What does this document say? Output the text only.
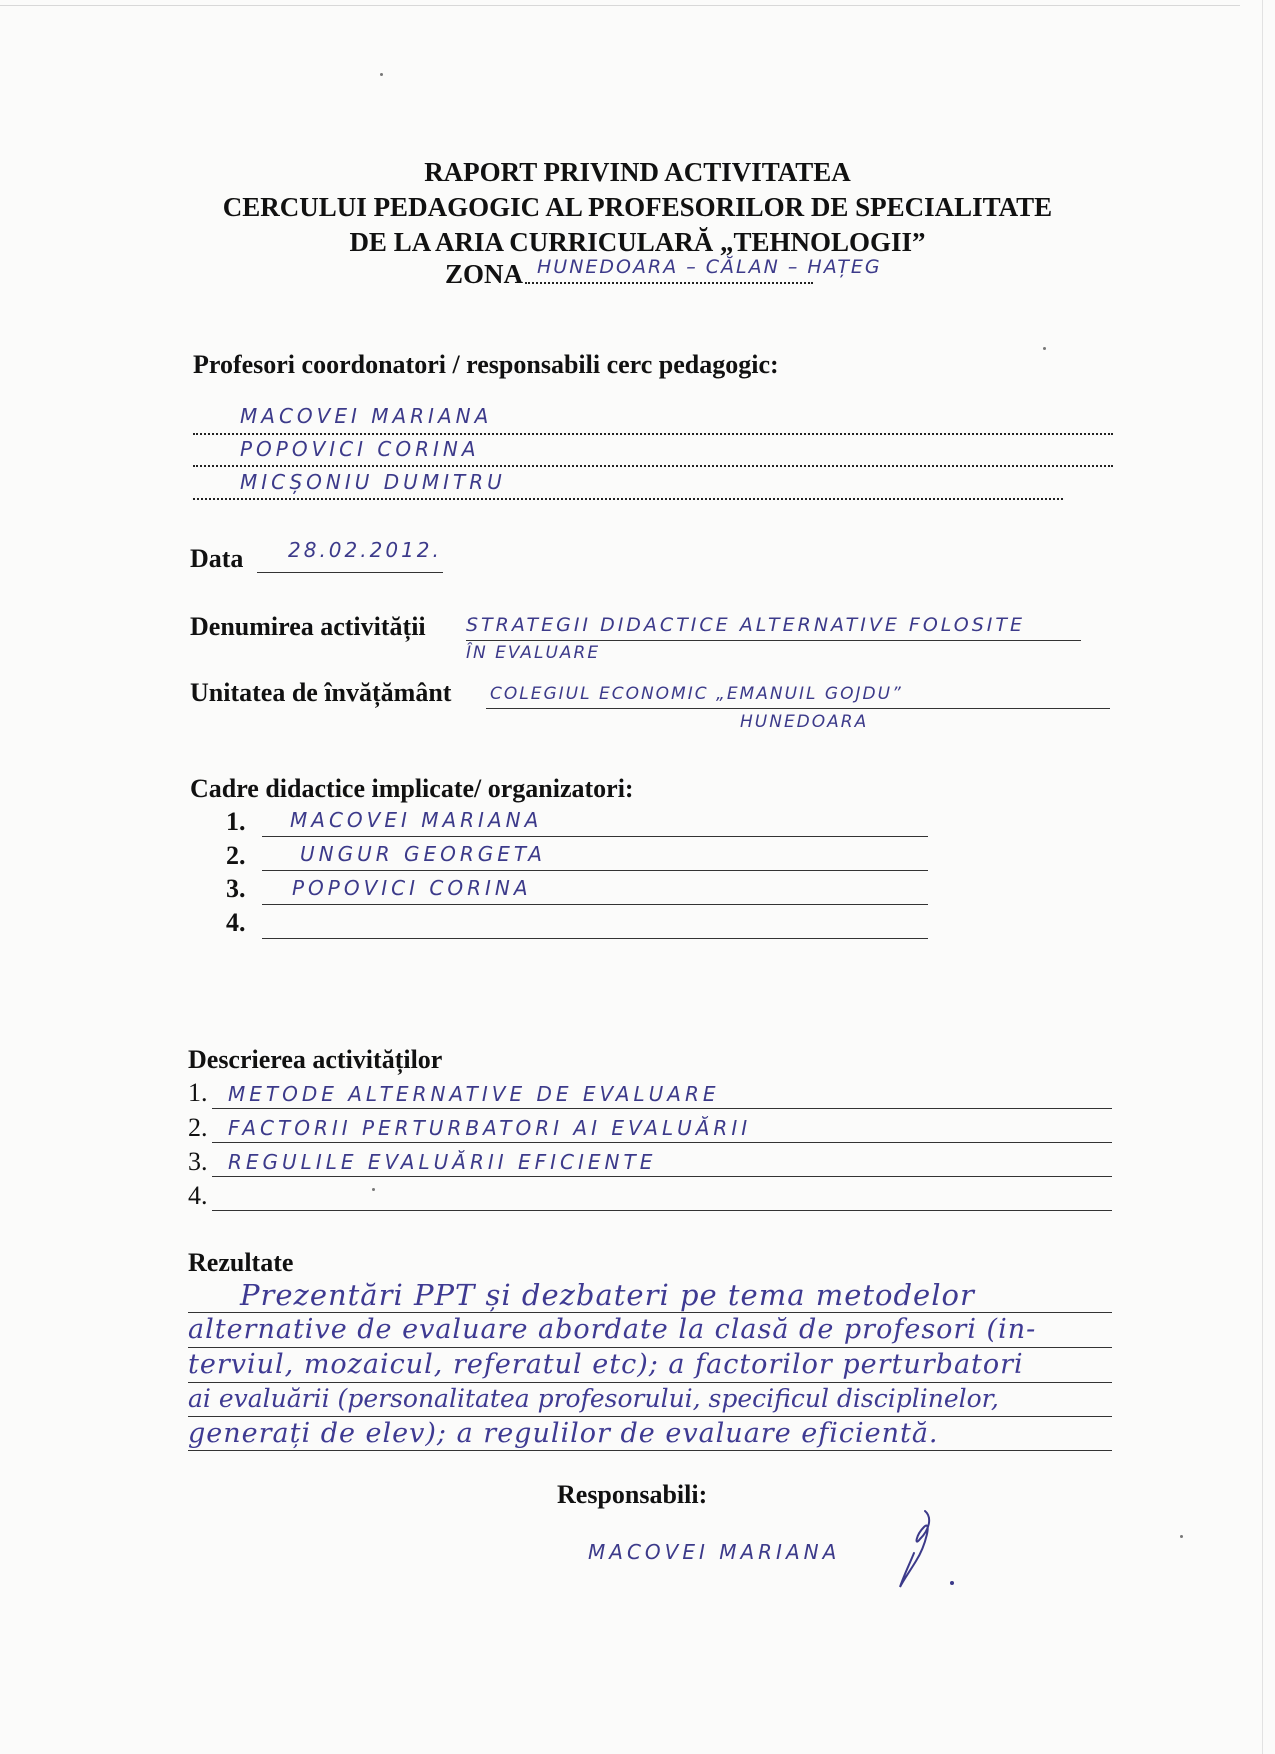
RAPORT PRIVIND ACTIVITATEA
CERCULUI PEDAGOGIC AL PROFESORILOR DE SPECIALITATE
DE LA ARIA CURRICULARĂ „TEHNOLOGII”
ZONA HUNEDOARA – CĂLAN – HAȚEG
Profesori coordonatori / responsabili cerc pedagogic:
MACOVEI MARIANA
POPOVICI CORINA
MICȘONIU DUMITRU
Data 28.02.2012.
Denumirea activității STRATEGII DIDACTICE ALTERNATIVE FOLOSITE
ÎN EVALUARE
Unitatea de învățământ COLEGIUL ECONOMIC „EMANUIL GOJDU”
HUNEDOARA
Cadre didactice implicate/ organizatori:
1. MACOVEI MARIANA
2.	UNGUR GEORGETA
3. POPOVICI CORINA
4.
Descrierea activităților
1. METODE ALTERNATIVE DE EVALUARE
2. FACTORII PERTURBATORI AI EVALUĂRII
3. REGULILE EVALUĂRII EFICIENTE
4.
Rezultate
Prezentări PPT și dezbateri pe tema metodelor
alternative de evaluare abordate la clasă de profesori (in-
terviul, mozaicul, referatul etc); a factorilor perturbatori
ai evaluării (personalitatea profesorului, specificul disciplinelor,
generați de elev); a regulilor de evaluare eficientă.
Responsabili:
MACOVEI MARIANA
